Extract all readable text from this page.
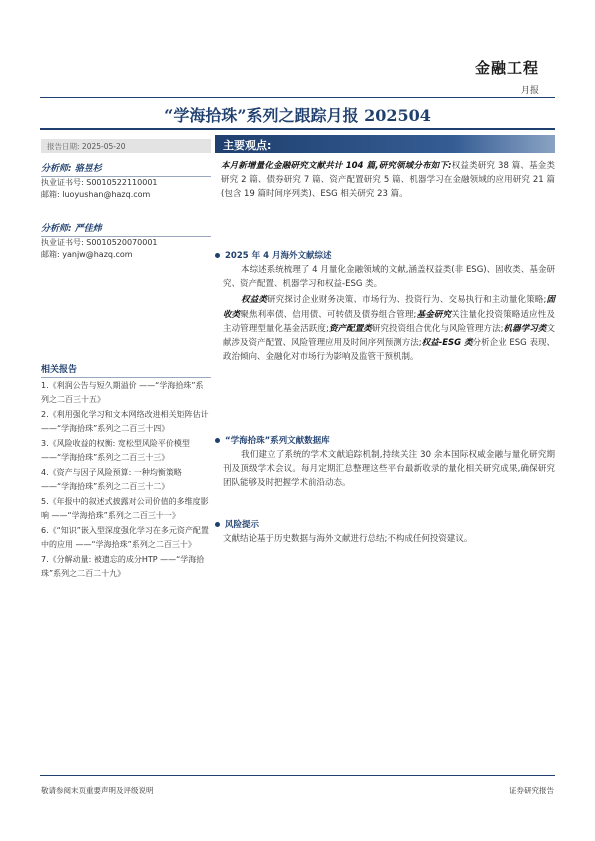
金融工程
月报
“学海拾珠”系列之跟踪月报 202504
报告日期: 2025-05-20
分析师: 骆昱杉
执业证书号: S0010522110001
邮箱: luoyushan@hazq.com
分析师: 严佳炜
执业证书号: S0010520070001
邮箱: yanjw@hazq.com
相关报告
1.《利润公告与短久期溢价 ——“学海拾珠”系列之二百三十五》
2.《利用强化学习和文本网络改进相关矩阵估计 ——“学海拾珠”系列之二百三十四》
3.《风险收益的权衡: 宽松型风险平价模型 ——“学海拾珠”系列之二百三十三》
4.《资产与因子风险预算: 一种均衡策略 ——“学海拾珠”系列之二百三十二》
5.《年报中的叙述式披露对公司价值的多维度影响 ——“学海拾珠”系列之二百三十一》
6.《“知识”嵌入型深度强化学习在多元资产配置中的应用 ——“学海拾珠”系列之二百三十》
7.《分解动量: 被遗忘的成分HTP ——“学海拾珠”系列之二百二十九》
主要观点:
本月新增量化金融研究文献共计 104 篇,研究领域分布如下:权益类研究 38 篇、基金类研究 2 篇、债券研究 7 篇、资产配置研究 5 篇、机器学习在金融领域的应用研究 21 篇(包含 19 篇时间序列类)、ESG 相关研究 23 篇。
2025 年 4 月海外文献综述
本综述系统梳理了 4 月量化金融领域的文献,涵盖权益类(非 ESG)、固收类、基金研究、资产配置、机器学习和权益-ESG 类。
权益类研究探讨企业财务决策、市场行为、投资行为、交易执行和主动量化策略;固收类聚焦利率债、信用债、可转债及债券组合管理;基金研究关注量化投资策略适应性及主动管理型量化基金活跃度;资产配置类研究投资组合优化与风险管理方法;机器学习类文献涉及资产配置、风险管理应用及时间序列预测方法;权益-ESG 类分析企业 ESG 表现、政治倾向、金融化对市场行为影响及监管干预机制。
“学海拾珠”系列文献数据库
我们建立了系统的学术文献追踪机制,持续关注 30 余本国际权威金融与量化研究期刊及顶级学术会议。每月定期汇总整理这些平台最新收录的量化相关研究成果,确保研究团队能够及时把握学术前沿动态。
风险提示
文献结论基于历史数据与海外文献进行总结;不构成任何投资建议。
敬请参阅末页重要声明及评级说明	证券研究报告
